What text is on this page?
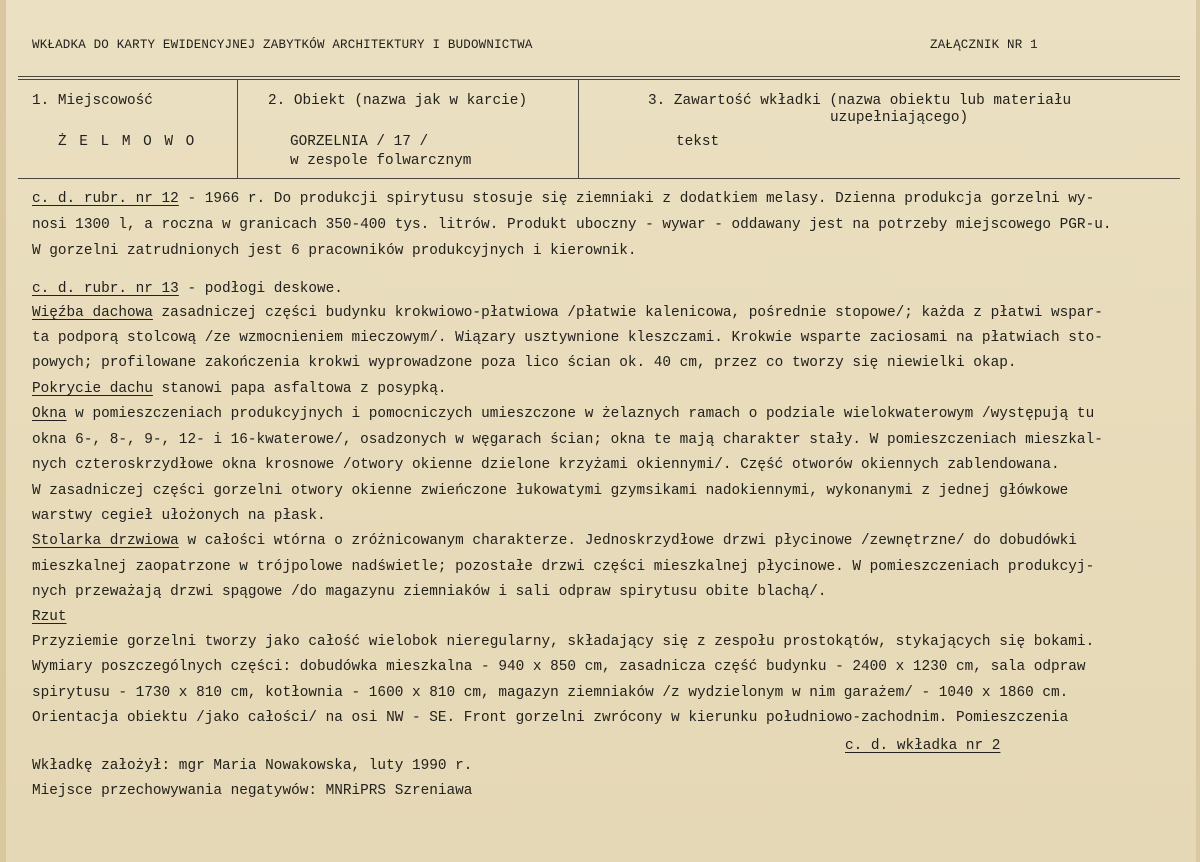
WKŁADKA DO KARTY EWIDENCYJNEJ ZABYTKÓW ARCHITEKTURY I BUDOWNICTWA	ZAŁĄCZNIK NR 1
1. Miejscowość
Ż E L M O W O
2. Obiekt (nazwa jak w karcie)
GORZELNIA / 17 /
w zespole folwarcznym
3. Zawartość wkładki (nazwa obiektu lub materiału
uzupełniającego)
tekst
c. d. rubr. nr 12 - 1966 r. Do produkcji spirytusu stosuje się ziemniaki z dodatkiem melasy. Dzienna produkcja gorzelni wy-
nosi 1300 l, a roczna w granicach 350-400 tys. litrów. Produkt uboczny - wywar - oddawany jest na potrzeby miejscowego PGR-u.
W gorzelni zatrudnionych jest 6 pracowników produkcyjnych i kierownik.
c. d. rubr. nr 13 - podłogi deskowe.
Więźba dachowa zasadniczej części budynku krokwiowo-płatwiowa /płatwie kalenicowa, pośrednie stopowe/; każda z płatwi wspar-
ta podporą stolcową /ze wzmocnieniem mieczowym/. Wiązary usztywnione kleszczami. Krokwie wsparte zaciosami na płatwiach sto-
powych; profilowane zakończenia krokwi wyprowadzone poza lico ścian ok. 40 cm, przez co tworzy się niewielki okap.
Pokrycie dachu stanowi papa asfaltowa z posypką.
Okna w pomieszczeniach produkcyjnych i pomocniczych umieszczone w żelaznych ramach o podziale wielokwaterowym /występują tu
okna 6-, 8-, 9-, 12- i 16-kwaterowe/, osadzonych w węgarach ścian; okna te mają charakter stały. W pomieszczeniach mieszkal-
nych czteroskrzydłowe okna krosnowe /otwory okienne dzielone krzyżami okiennymi/. Część otworów okiennych zablendowana.
W zasadniczej części gorzelni otwory okienne zwieńczone łukowatymi gzymsikami nadokiennymi, wykonanymi z jednej główkowe
warstwy cegieł ułożonych na płask.
Stolarka drzwiowa w całości wtórna o zróżnicowanym charakterze. Jednoskrzydłowe drzwi płycinowe /zewnętrzne/ do dobudówki
mieszkalnej zaopatrzone w trójpolowe nadświetle; pozostałe drzwi części mieszkalnej płycinowe. W pomieszczeniach produkcyj-
nych przeważają drzwi spągowe /do magazynu ziemniaków i sali odpraw spirytusu obite blachą/.
Rzut
Przyziemie gorzelni tworzy jako całość wielobok nieregularny, składający się z zespołu prostokątów, stykających się bokami.
Wymiary poszczególnych części: dobudówka mieszkalna - 940 x 850 cm, zasadnicza część budynku - 2400 x 1230 cm, sala odpraw
spirytusu - 1730 x 810 cm, kotłownia - 1600 x 810 cm, magazyn ziemniaków /z wydzielonym w nim garażem/ - 1040 x 1860 cm.
Orientacja obiektu /jako całości/ na osi NW - SE. Front gorzelni zwrócony w kierunku południowo-zachodnim. Pomieszczenia
c. d. wkładka nr 2
Wkładkę założył: mgr Maria Nowakowska, luty 1990 r.
Miejsce przechowywania negatywów: MNRiPRS Szreniawa
